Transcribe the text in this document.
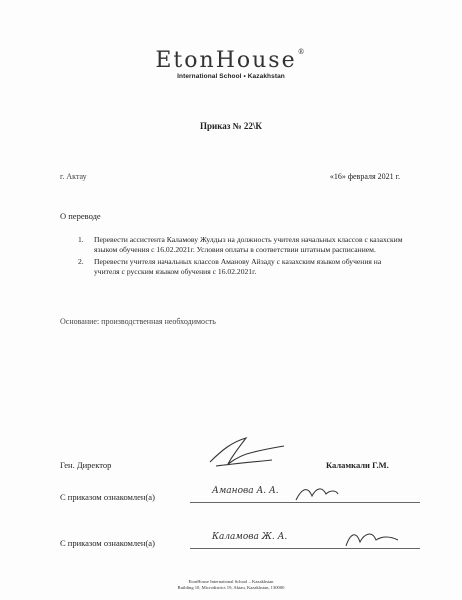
EtonHouse®
International School • Kazakhstan
Приказ № 22\К
г. Актау	«16» февраля 2021 г.
О переводе
1. Перевести ассистента Каламову Жулдыз на должность учителя начальных классов с казахским языком обучения с 16.02.2021г. Условия оплаты в соответствии штатным расписанием.
2. Перевести учителя начальных классов Аманову Айзаду с казахским языком обучения на учителя с русским языком обучения с 16.02.2021г.
Основание: производственная необходимость
Ген. Директор	Каламкали Г.М.
С приказом ознакомлен(а)
Аманова А. А.
С приказом ознакомлен(а)
Каламова Ж. А.
EtonHouse International School – Kazakhstan
Building 10, Microdistrict 19, Aktau, Kazakhstan, 130000
